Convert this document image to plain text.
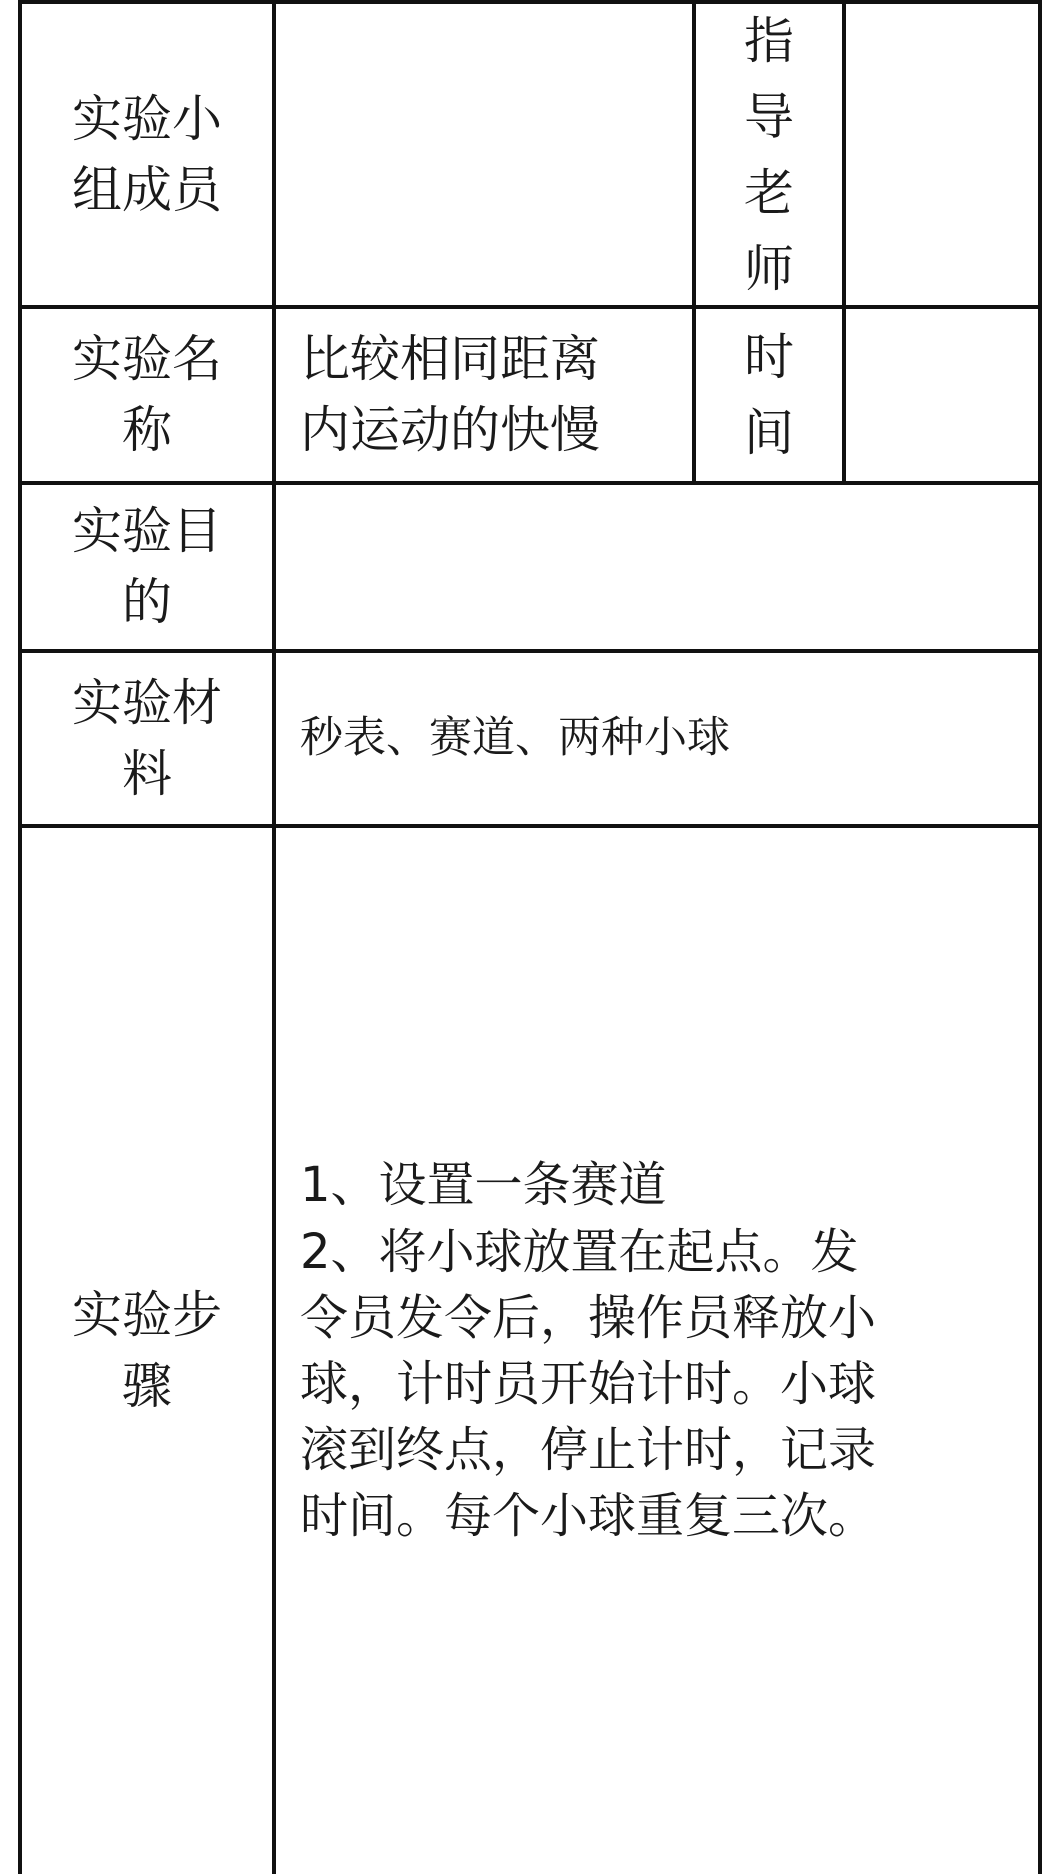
实验小
组成员
指
导
老
师
实验名
称
比较相同距离
内运动的快慢
时
间
实验目
的
实验材
料
秒表、赛道、两种小球
实验步
骤
1、设置一条赛道
2、将小球放置在起点。发
令员发令后，操作员释放小
球，计时员开始计时。小球
滚到终点，停止计时，记录
时间。每个小球重复三次。
